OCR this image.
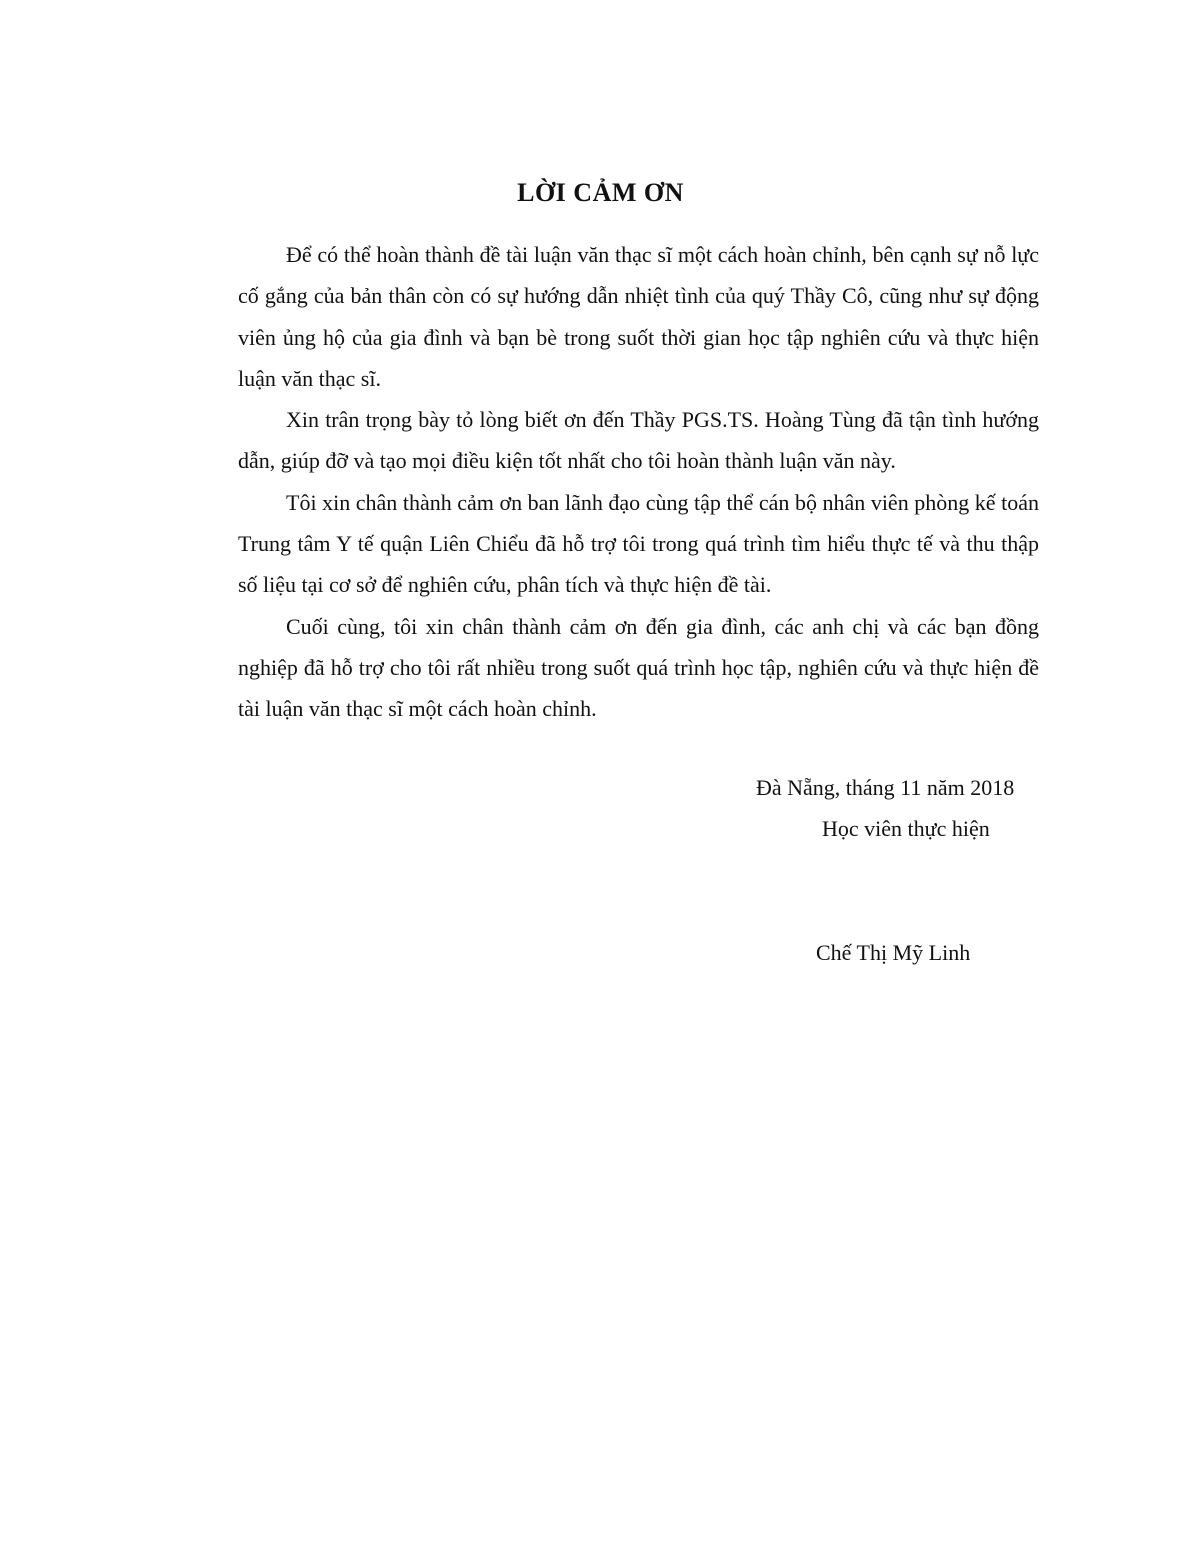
LỜI CẢM ƠN

Để có thể hoàn thành đề tài luận văn thạc sĩ một cách hoàn chỉnh, bên cạnh sự nỗ lực cố gắng của bản thân còn có sự hướng dẫn nhiệt tình của quý Thầy Cô, cũng như sự động viên ủng hộ của gia đình và bạn bè trong suốt thời gian học tập nghiên cứu và thực hiện luận văn thạc sĩ.

Xin trân trọng bày tỏ lòng biết ơn đến Thầy PGS.TS. Hoàng Tùng đã tận tình hướng dẫn, giúp đỡ và tạo mọi điều kiện tốt nhất cho tôi hoàn thành luận văn này.

Tôi xin chân thành cảm ơn ban lãnh đạo cùng tập thể cán bộ nhân viên phòng kế toán Trung tâm Y tế quận Liên Chiểu đã hỗ trợ tôi trong quá trình tìm hiểu thực tế và thu thập số liệu tại cơ sở để nghiên cứu, phân tích và thực hiện đề tài.

Cuối cùng, tôi xin chân thành cảm ơn đến gia đình, các anh chị và các bạn đồng nghiệp đã hỗ trợ cho tôi rất nhiều trong suốt quá trình học tập, nghiên cứu và thực hiện đề tài luận văn thạc sĩ một cách hoàn chỉnh.

Đà Nẵng, tháng 11 năm 2018

Học viên thực hiện

Chế Thị Mỹ Linh
